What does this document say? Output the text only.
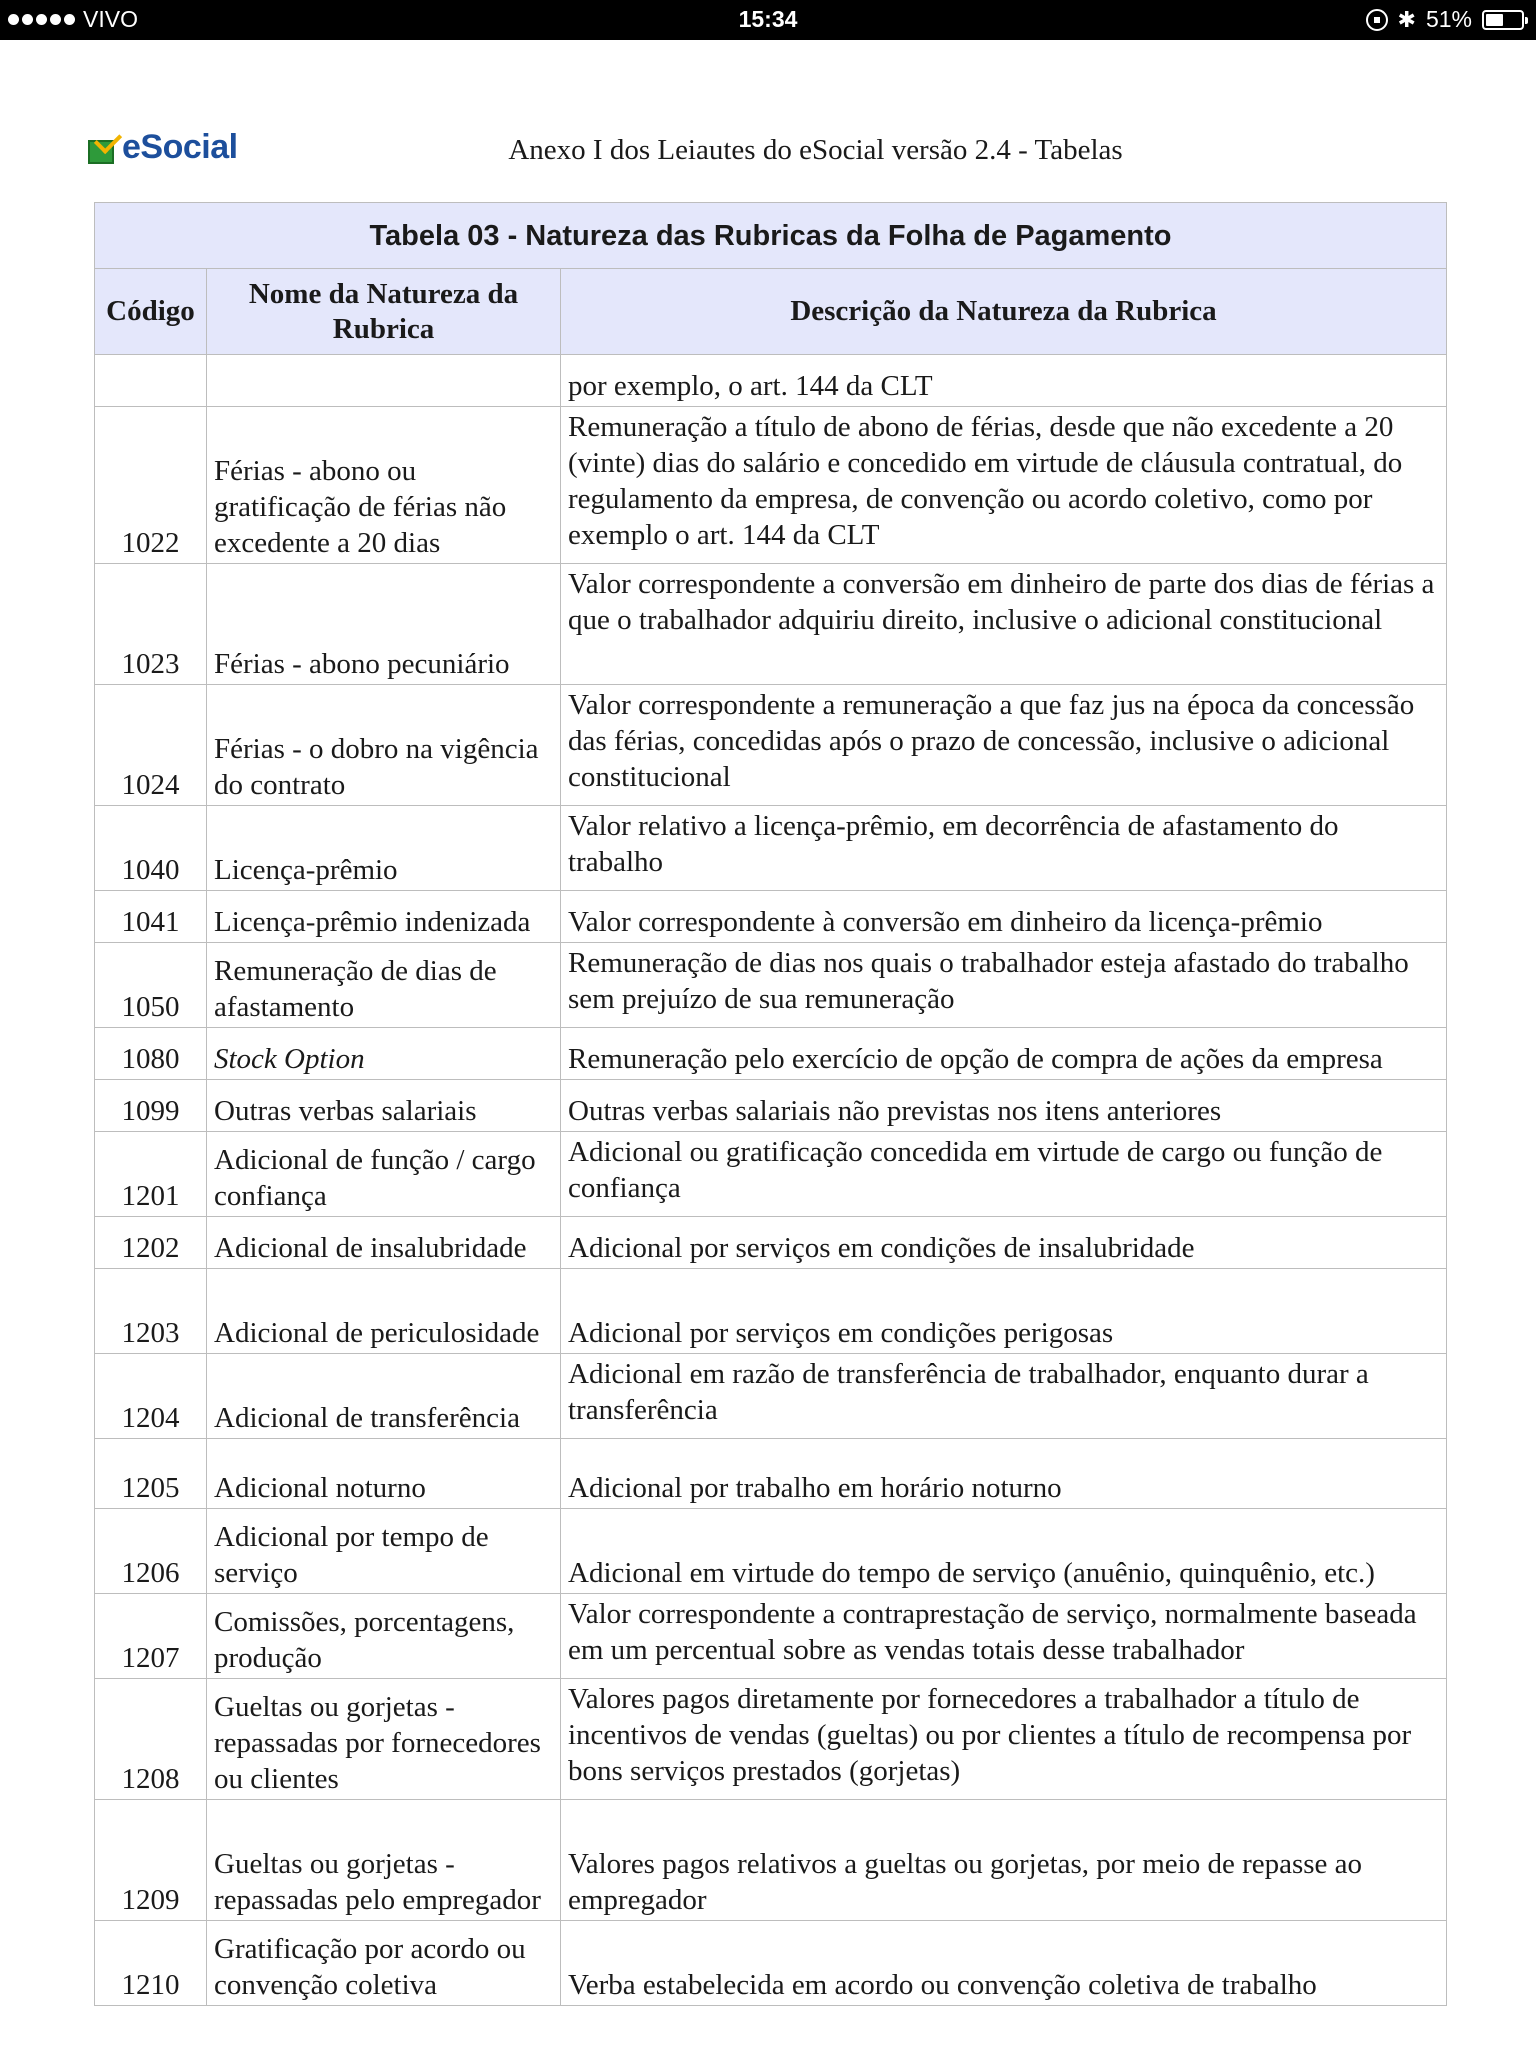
VIVO	15:34	✱ 51%
eSocial	Anexo I dos Leiautes do eSocial versão 2.4 - Tabelas
Tabela 03 - Natureza das Rubricas da Folha de Pagamento		
Código	Nome da Natureza da Rubrica	Descrição da Natureza da Rubrica
		por exemplo, o art. 144 da CLT
1022	Férias - abono ou gratificação de férias não excedente a 20 dias	Remuneração a título de abono de férias, desde que não excedente a 20 (vinte) dias do salário e concedido em virtude de cláusula contratual, do regulamento da empresa, de convenção ou acordo coletivo, como por exemplo o art. 144 da CLT
1023	Férias - abono pecuniário	Valor correspondente a conversão em dinheiro de parte dos dias de férias a que o trabalhador adquiriu direito, inclusive o adicional constitucional
1024	Férias - o dobro na vigência do contrato	Valor correspondente a remuneração a que faz jus na época da concessão das férias, concedidas após o prazo de concessão, inclusive o adicional constitucional
1040	Licença-prêmio	Valor relativo a licença-prêmio, em decorrência de afastamento do trabalho
1041	Licença-prêmio indenizada	Valor correspondente à conversão em dinheiro da licença-prêmio
1050	Remuneração de dias de afastamento	Remuneração de dias nos quais o trabalhador esteja afastado do trabalho sem prejuízo de sua remuneração
1080	Stock Option	Remuneração pelo exercício de opção de compra de ações da empresa
1099	Outras verbas salariais	Outras verbas salariais não previstas nos itens anteriores
1201	Adicional de função / cargo confiança	Adicional ou gratificação concedida em virtude de cargo ou função de confiança
1202	Adicional de insalubridade	Adicional por serviços em condições de insalubridade
1203	Adicional de periculosidade	Adicional por serviços em condições perigosas
1204	Adicional de transferência	Adicional em razão de transferência de trabalhador, enquanto durar a transferência
1205	Adicional noturno	Adicional por trabalho em horário noturno
1206	Adicional por tempo de serviço	Adicional em virtude do tempo de serviço (anuênio, quinquênio, etc.)
1207	Comissões, porcentagens, produção	Valor correspondente a contraprestação de serviço, normalmente baseada em um percentual sobre as vendas totais desse trabalhador
1208	Gueltas ou gorjetas - repassadas por fornecedores ou clientes	Valores pagos diretamente por fornecedores a trabalhador a título de incentivos de vendas (gueltas) ou por clientes a título de recompensa por bons serviços prestados (gorjetas)
1209	Gueltas ou gorjetas - repassadas pelo empregador	Valores pagos relativos a gueltas ou gorjetas, por meio de repasse ao empregador
1210	Gratificação por acordo ou convenção coletiva	Verba estabelecida em acordo ou convenção coletiva de trabalho
